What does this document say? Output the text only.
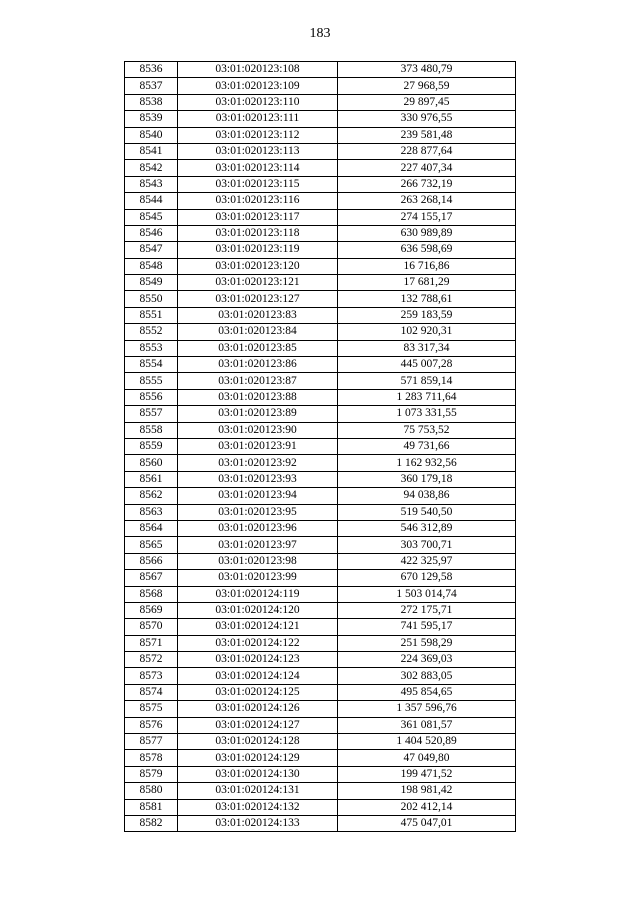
183
8536	03:01:020123:108	373 480,79
8537	03:01:020123:109	27 968,59
8538	03:01:020123:110	29 897,45
8539	03:01:020123:111	330 976,55
8540	03:01:020123:112	239 581,48
8541	03:01:020123:113	228 877,64
8542	03:01:020123:114	227 407,34
8543	03:01:020123:115	266 732,19
8544	03:01:020123:116	263 268,14
8545	03:01:020123:117	274 155,17
8546	03:01:020123:118	630 989,89
8547	03:01:020123:119	636 598,69
8548	03:01:020123:120	16 716,86
8549	03:01:020123:121	17 681,29
8550	03:01:020123:127	132 788,61
8551	03:01:020123:83	259 183,59
8552	03:01:020123:84	102 920,31
8553	03:01:020123:85	83 317,34
8554	03:01:020123:86	445 007,28
8555	03:01:020123:87	571 859,14
8556	03:01:020123:88	1 283 711,64
8557	03:01:020123:89	1 073 331,55
8558	03:01:020123:90	75 753,52
8559	03:01:020123:91	49 731,66
8560	03:01:020123:92	1 162 932,56
8561	03:01:020123:93	360 179,18
8562	03:01:020123:94	94 038,86
8563	03:01:020123:95	519 540,50
8564	03:01:020123:96	546 312,89
8565	03:01:020123:97	303 700,71
8566	03:01:020123:98	422 325,97
8567	03:01:020123:99	670 129,58
8568	03:01:020124:119	1 503 014,74
8569	03:01:020124:120	272 175,71
8570	03:01:020124:121	741 595,17
8571	03:01:020124:122	251 598,29
8572	03:01:020124:123	224 369,03
8573	03:01:020124:124	302 883,05
8574	03:01:020124:125	495 854,65
8575	03:01:020124:126	1 357 596,76
8576	03:01:020124:127	361 081,57
8577	03:01:020124:128	1 404 520,89
8578	03:01:020124:129	47 049,80
8579	03:01:020124:130	199 471,52
8580	03:01:020124:131	198 981,42
8581	03:01:020124:132	202 412,14
8582	03:01:020124:133	475 047,01
